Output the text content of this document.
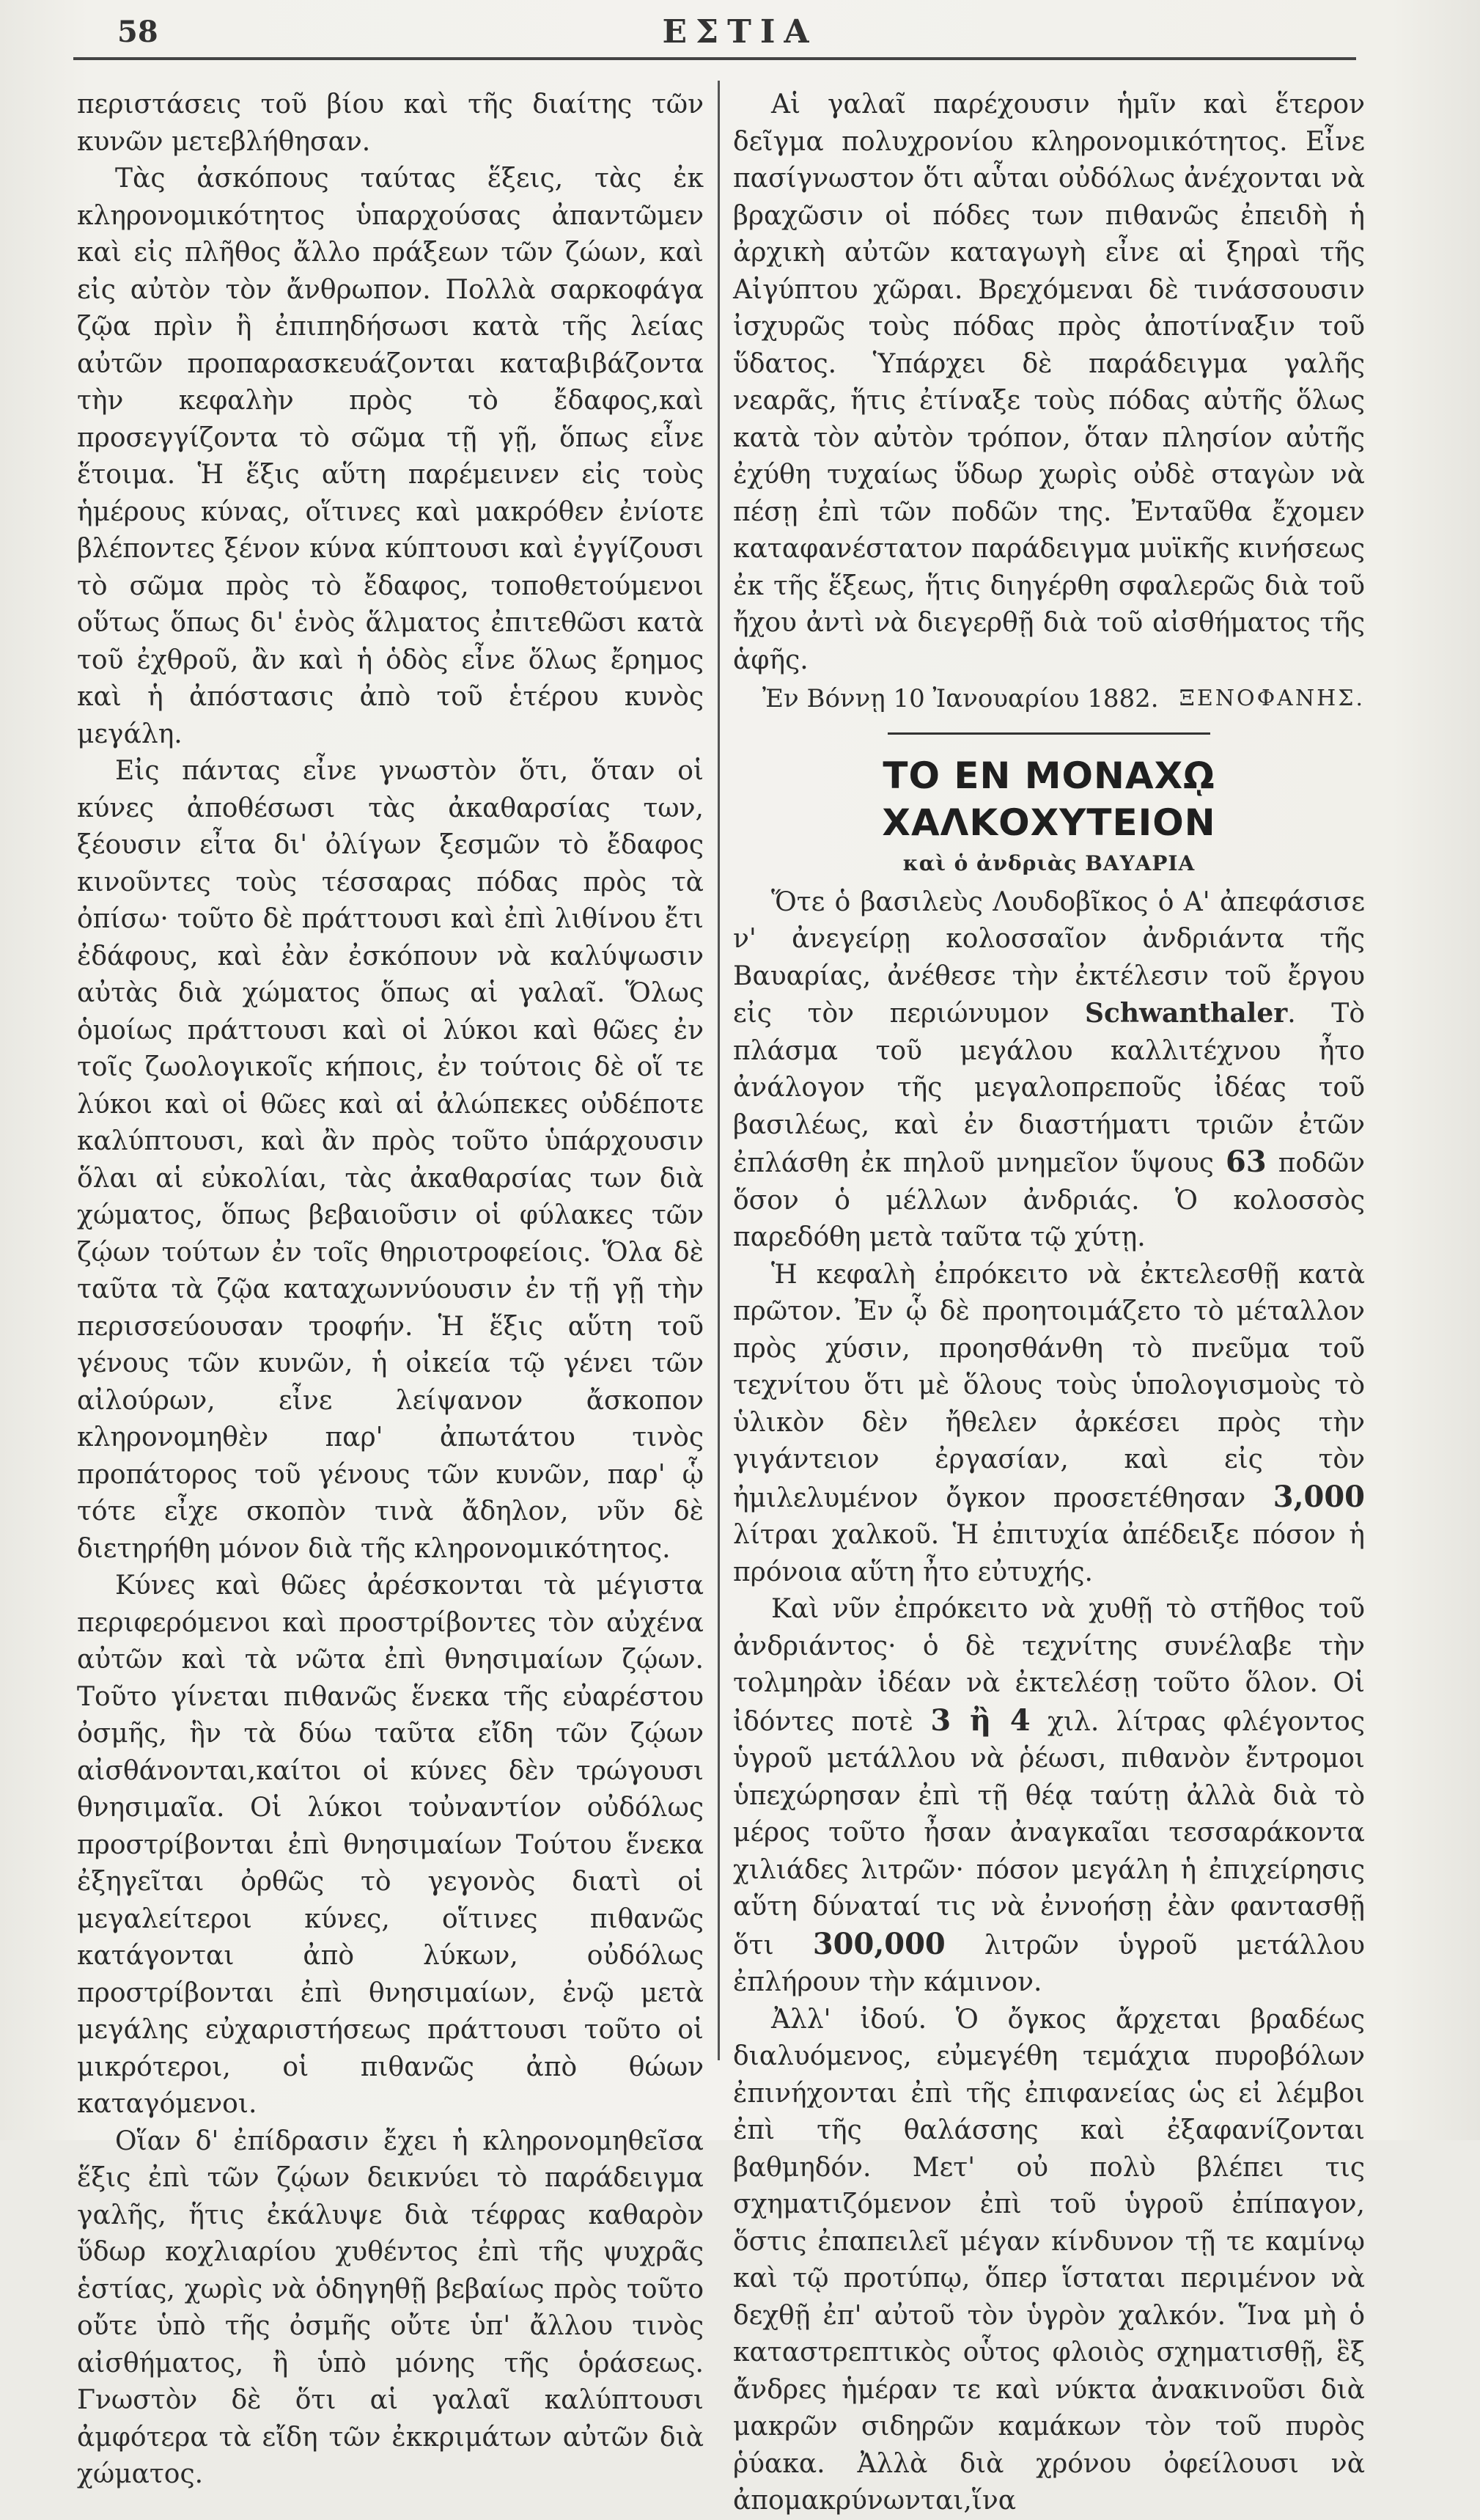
58	ΕΣΤΙΑ

περιστάσεις τοῦ βίου καὶ τῆς διαίτης τῶν κυνῶν μετεβλήθησαν.

Τὰς ἀσκόπους ταύτας ἕξεις, τὰς ἐκ κληρονομικότητος ὑπαρχούσας ἀπαντῶμεν καὶ εἰς πλῆθος ἄλλο πράξεων τῶν ζώων, καὶ εἰς αὐτὸν τὸν ἄνθρωπον. Πολλὰ σαρκοφάγα ζῷα πρὶν ἢ ἐπιπηδήσωσι κατὰ τῆς λείας αὐτῶν προπαρασκευάζονται καταβιβάζοντα τὴν κεφαλὴν πρὸς τὸ ἔδαφος,καὶ προσεγγίζοντα τὸ σῶμα τῇ γῇ, ὅπως εἶνε ἕτοιμα. Ἡ ἕξις αὕτη παρέμεινεν εἰς τοὺς ἡμέρους κύνας, οἵτινες καὶ μακρόθεν ἐνίοτε βλέποντες ξένον κύνα κύπτουσι καὶ ἐγγίζουσι τὸ σῶμα πρὸς τὸ ἔδαφος, τοποθετούμενοι οὕτως ὅπως δι' ἑνὸς ἅλματος ἐπιτεθῶσι κατὰ τοῦ ἐχθροῦ, ἂν καὶ ἡ ὁδὸς εἶνε ὅλως ἔρημος καὶ ἡ ἀπόστασις ἀπὸ τοῦ ἑτέρου κυνὸς μεγάλη.

Εἰς πάντας εἶνε γνωστὸν ὅτι, ὅταν οἱ κύνες ἀποθέσωσι τὰς ἀκαθαρσίας των, ξέουσιν εἶτα δι' ὀλίγων ξεσμῶν τὸ ἔδαφος κινοῦντες τοὺς τέσσαρας πόδας πρὸς τὰ ὀπίσω· τοῦτο δὲ πράττουσι καὶ ἐπὶ λιθίνου ἔτι ἐδάφους, καὶ ἐὰν ἐσκόπουν νὰ καλύψωσιν αὐτὰς διὰ χώματος ὅπως αἱ γαλαῖ. Ὅλως ὁμοίως πράττουσι καὶ οἱ λύκοι καὶ θῶες ἐν τοῖς ζωολογικοῖς κήποις, ἐν τούτοις δὲ οἵ τε λύκοι καὶ οἱ θῶες καὶ αἱ ἀλώπεκες οὐδέποτε καλύπτουσι, καὶ ἂν πρὸς τοῦτο ὑπάρχουσιν ὅλαι αἱ εὐκολίαι, τὰς ἀκαθαρσίας των διὰ χώματος, ὅπως βεβαιοῦσιν οἱ φύλακες τῶν ζῴων τούτων ἐν τοῖς θηριοτροφείοις. Ὅλα δὲ ταῦτα τὰ ζῷα καταχωννύουσιν ἐν τῇ γῇ τὴν περισσεύουσαν τροφήν. Ἡ ἕξις αὕτη τοῦ γένους τῶν κυνῶν, ἡ οἰκεία τῷ γένει τῶν αἰλούρων, εἶνε λείψανον ἄσκοπον κληρονομηθὲν παρ' ἀπωτάτου τινὸς προπάτορος τοῦ γένους τῶν κυνῶν, παρ' ᾧ τότε εἶχε σκοπὸν τινὰ ἄδηλον, νῦν δὲ διετηρήθη μόνον διὰ τῆς κληρονομικότητος.

Κύνες καὶ θῶες ἀρέσκονται τὰ μέγιστα περιφερόμενοι καὶ προστρίβοντες τὸν αὐχένα αὐτῶν καὶ τὰ νῶτα ἐπὶ θνησιμαίων ζῴων. Τοῦτο γίνεται πιθανῶς ἕνεκα τῆς εὐαρέστου ὀσμῆς, ἣν τὰ δύω ταῦτα εἴδη τῶν ζῴων αἰσθάνονται,καίτοι οἱ κύνες δὲν τρώγουσι θνησιμαῖα. Οἱ λύκοι τοὐναντίον οὐδόλως προστρίβονται ἐπὶ θνησιμαίων Τούτου ἕνεκα ἐξηγεῖται ὀρθῶς τὸ γεγονὸς διατὶ οἱ μεγαλείτεροι κύνες, οἵτινες πιθανῶς κατάγονται ἀπὸ λύκων, οὐδόλως προστρίβονται ἐπὶ θνησιμαίων, ἐνῷ μετὰ μεγάλης εὐχαριστήσεως πράττουσι τοῦτο οἱ μικρότεροι, οἱ πιθανῶς ἀπὸ θώων καταγόμενοι.

Οἵαν δ' ἐπίδρασιν ἔχει ἡ κληρονομηθεῖσα ἕξις ἐπὶ τῶν ζῴων δεικνύει τὸ παράδειγμα γαλῆς, ἥτις ἐκάλυψε διὰ τέφρας καθαρὸν ὕδωρ κοχλιαρίου χυθέντος ἐπὶ τῆς ψυχρᾶς ἑστίας, χωρὶς νὰ ὁδηγηθῇ βεβαίως πρὸς τοῦτο οὔτε ὑπὸ τῆς ὀσμῆς οὔτε ὑπ' ἄλλου τινὸς αἰσθήματος, ἢ ὑπὸ μόνης τῆς ὁράσεως. Γνωστὸν δὲ ὅτι αἱ γαλαῖ καλύπτουσι ἀμφότερα τὰ εἴδη τῶν ἐκκριμάτων αὐτῶν διὰ χώματος.

Αἱ γαλαῖ παρέχουσιν ἡμῖν καὶ ἕτερον δεῖγμα πολυχρονίου κληρονομικότητος. Εἶνε πασίγνωστον ὅτι αὗται οὐδόλως ἀνέχονται νὰ βραχῶσιν οἱ πόδες των πιθανῶς ἐπειδὴ ἡ ἀρχικὴ αὐτῶν καταγωγὴ εἶνε αἱ ξηραὶ τῆς Αἰγύπτου χῶραι. Βρεχόμεναι δὲ τινάσσουσιν ἰσχυρῶς τοὺς πόδας πρὸς ἀποτίναξιν τοῦ ὕδατος. Ὑπάρχει δὲ παράδειγμα γαλῆς νεαρᾶς, ἥτις ἐτίναξε τοὺς πόδας αὐτῆς ὅλως κατὰ τὸν αὐτὸν τρόπον, ὅταν πλησίον αὐτῆς ἐχύθη τυχαίως ὕδωρ χωρὶς οὐδὲ σταγὼν νὰ πέσῃ ἐπὶ τῶν ποδῶν της. Ἐνταῦθα ἔχομεν καταφανέστατον παράδειγμα μυϊκῆς κινήσεως ἐκ τῆς ἕξεως, ἥτις διηγέρθη σφαλερῶς διὰ τοῦ ἤχου ἀντὶ νὰ διεγερθῇ διὰ τοῦ αἰσθήματος τῆς ἁφῆς.

Ἐν Βόννῃ 10 Ἰανουαρίου 1882. ΞΕΝΟΦΑΝΗΣ.
ΤΟ ΕΝ ΜΟΝΑΧῼ ΧΑΛΚΟΧΥΤΕΙΟΝ
καὶ ὁ ἀνδριὰς ΒΑΥΑΡΙΑ

Ὅτε ὁ βασιλεὺς Λουδοβῖκος ὁ Α' ἀπεφάσισε ν' ἀνεγείρῃ κολοσσαῖον ἀνδριάντα τῆς Βαυαρίας, ἀνέθεσε τὴν ἐκτέλεσιν τοῦ ἔργου εἰς τὸν περιώνυμον Schwanthaler. Τὸ πλάσμα τοῦ μεγάλου καλλιτέχνου ἦτο ἀνάλογον τῆς μεγαλοπρεποῦς ἰδέας τοῦ βασιλέως, καὶ ἐν διαστήματι τριῶν ἐτῶν ἐπλάσθη ἐκ πηλοῦ μνημεῖον ὕψους 63 ποδῶν ὅσον ὁ μέλλων ἀνδριάς. Ὁ κολοσσὸς παρεδόθη μετὰ ταῦτα τῷ χύτῃ.

Ἡ κεφαλὴ ἐπρόκειτο νὰ ἐκτελεσθῇ κατὰ πρῶτον. Ἐν ᾧ δὲ προητοιμάζετο τὸ μέταλλον πρὸς χύσιν, προησθάνθη τὸ πνεῦμα τοῦ τεχνίτου ὅτι μὲ ὅλους τοὺς ὑπολογισμοὺς τὸ ὑλικὸν δὲν ἤθελεν ἀρκέσει πρὸς τὴν γιγάντειον ἐργασίαν, καὶ εἰς τὸν ἠμιλελυμένον ὄγκον προσετέθησαν 3,000 λίτραι χαλκοῦ. Ἡ ἐπιτυχία ἀπέδειξε πόσον ἡ πρόνοια αὕτη ἦτο εὐτυχής.

Καὶ νῦν ἐπρόκειτο νὰ χυθῇ τὸ στῆθος τοῦ ἀνδριάντος· ὁ δὲ τεχνίτης συνέλαβε τὴν τολμηρὰν ἰδέαν νὰ ἐκτελέσῃ τοῦτο ὅλον. Οἱ ἰδόντες ποτὲ 3 ἢ 4 χιλ. λίτρας φλέγοντος ὑγροῦ μετάλλου νὰ ῥέωσι, πιθανὸν ἔντρομοι ὑπεχώρησαν ἐπὶ τῇ θέᾳ ταύτῃ ἀλλὰ διὰ τὸ μέρος τοῦτο ἦσαν ἀναγκαῖαι τεσσαράκοντα χιλιάδες λιτρῶν· πόσον μεγάλη ἡ ἐπιχείρησις αὕτη δύναταί τις νὰ ἐννοήσῃ ἐὰν φαντασθῇ ὅτι 300,000 λιτρῶν ὑγροῦ μετάλλου ἐπλήρουν τὴν κάμινον.

Ἀλλ' ἰδού. Ὁ ὄγκος ἄρχεται βραδέως διαλυόμενος, εὐμεγέθη τεμάχια πυροβόλων ἐπινήχονται ἐπὶ τῆς ἐπιφανείας ὡς εἰ λέμβοι ἐπὶ τῆς θαλάσσης καὶ ἐξαφανίζονται βαθμηδόν. Μετ' οὐ πολὺ βλέπει τις σχηματιζόμενον ἐπὶ τοῦ ὑγροῦ ἐπίπαγον, ὅστις ἐπαπειλεῖ μέγαν κίνδυνον τῇ τε καμίνῳ καὶ τῷ προτύπῳ, ὅπερ ἵσταται περιμένον νὰ δεχθῇ ἐπ' αὐτοῦ τὸν ὑγρὸν χαλκόν. Ἵνα μὴ ὁ καταστρεπτικὸς οὗτος φλοιὸς σχηματισθῇ, ἓξ ἄνδρες ἡμέραν τε καὶ νύκτα ἀνακινοῦσι διὰ μακρῶν σιδηρῶν καμάκων τὸν τοῦ πυρὸς ῥύακα. Ἀλλὰ διὰ χρόνου ὀφείλουσι νὰ ἀπομακρύνωνται,ἵνα
